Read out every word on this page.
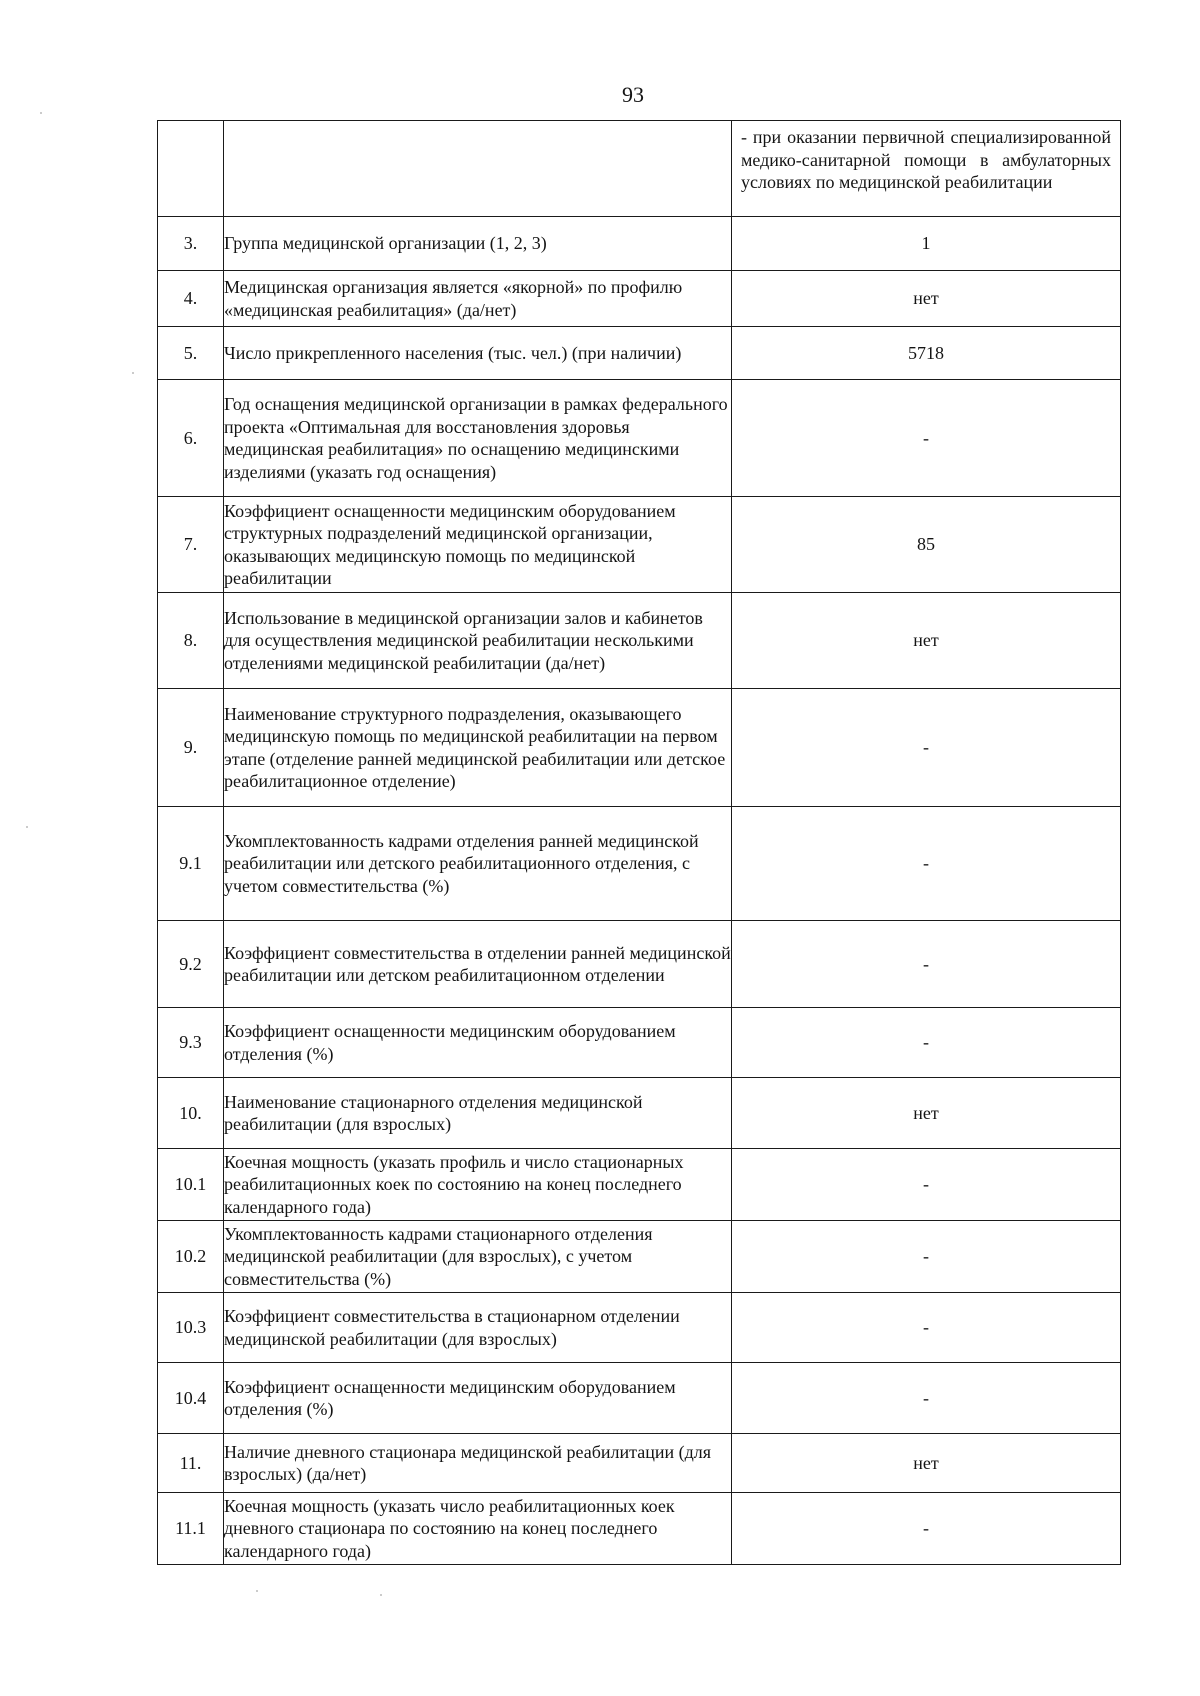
93
		- при оказании первичной специализированной медико-санитарной помощи в амбулаторных условиях по медицинской реабилитации
3.	Группа медицинской организации (1, 2, 3)	1
4.	Медицинская организация является «якорной» по профилю «медицинская реабилитация» (да/нет)	нет
5.	Число прикрепленного населения (тыс. чел.) (при наличии)	5718
6.	Год оснащения медицинской организации в рамках федерального проекта «Оптимальная для восстановления здоровья медицинская реабилитация» по оснащению медицинскими изделиями (указать год оснащения)	-
7.	Коэффициент оснащенности медицинским оборудованием структурных подразделений медицинской организации, оказывающих медицинскую помощь по медицинской реабилитации	85
8.	Использование в медицинской организации залов и кабинетов для осуществления медицинской реабилитации несколькими отделениями медицинской реабилитации (да/нет)	нет
9.	Наименование структурного подразделения, оказывающего медицинскую помощь по медицинской реабилитации на первом этапе (отделение ранней медицинской реабилитации или детское реабилитационное отделение)	-
9.1	Укомплектованность кадрами отделения ранней медицинской реабилитации или детского реабилитационного отделения, с учетом совместительства (%)	-
9.2	Коэффициент совместительства в отделении ранней медицинской реабилитации или детском реабилитационном отделении	-
9.3	Коэффициент оснащенности медицинским оборудованием отделения (%)	-
10.	Наименование стационарного отделения медицинской реабилитации (для взрослых)	нет
10.1	Коечная мощность (указать профиль и число стационарных реабилитационных коек по состоянию на конец последнего календарного года)	-
10.2	Укомплектованность кадрами стационарного отделения медицинской реабилитации (для взрослых), с учетом совместительства (%)	-
10.3	Коэффициент совместительства в стационарном отделении медицинской реабилитации (для взрослых)	-
10.4	Коэффициент оснащенности медицинским оборудованием отделения (%)	-
11.	Наличие дневного стационара медицинской реабилитации (для взрослых) (да/нет)	нет
11.1	Коечная мощность (указать число реабилитационных коек дневного стационара по состоянию на конец последнего календарного года)	-
